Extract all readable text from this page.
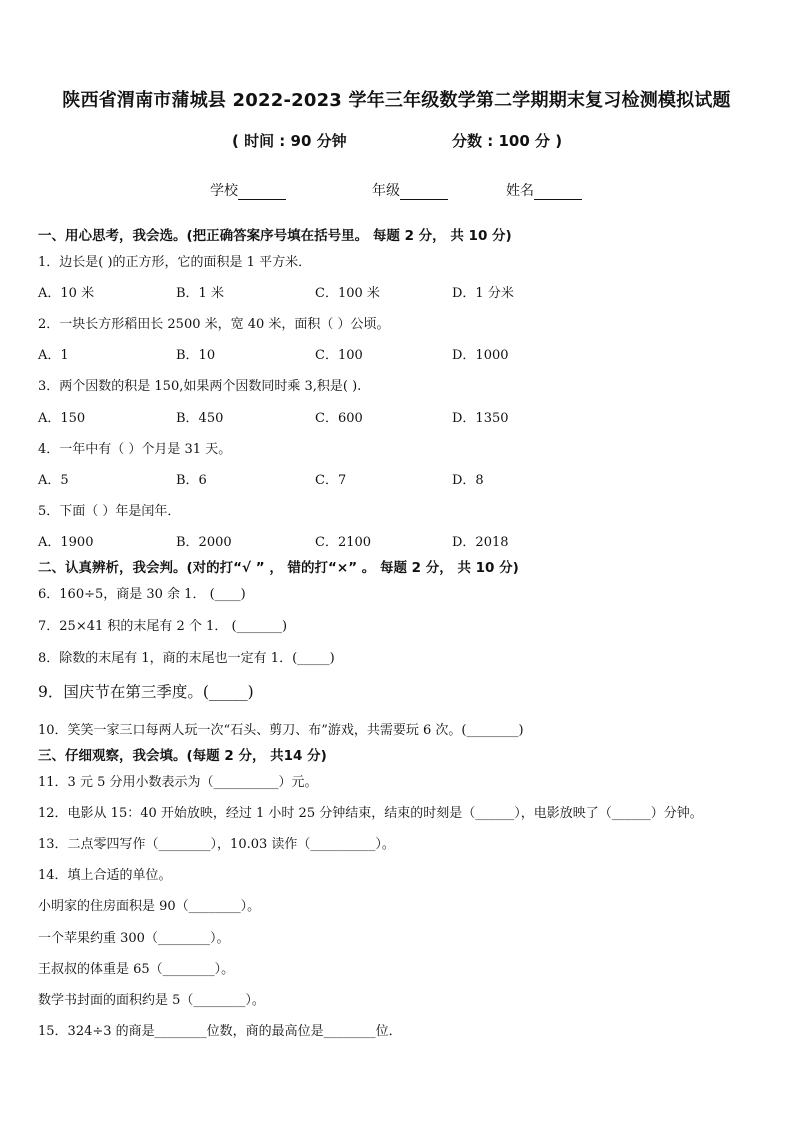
陕西省渭南市蒲城县 2022-2023 学年三年级数学第二学期期末复习检测模拟试题
( 时间 : 90 分钟	分数 : 100 分 )
学校	年级	姓名
一、用心思考，我会选。(把正确答案序号填在括号里。 每题 2 分， 共 10 分)
1．边长是( )的正方形，它的面积是 1 平方米．
A．10 米	B．1 米	C．100 米	D．1 分米
2．一块长方形稻田长 2500 米，宽 40 米，面积（ ）公顷。
A．1	B．10	C．100	D．1000
3．两个因数的积是 150,如果两个因数同时乘 3,积是( ).
A．150	B．450	C．600	D．1350
4．一年中有（ ）个月是 31 天。
A．5	B．6	C．7	D．8
5．下面（ ）年是闰年．
A．1900	B．2000	C．2100	D．2018
二、认真辨析，我会判。(对的打“√ ” ， 错的打“×” 。 每题 2 分， 共 10 分)
6．160÷5，商是 30 余 1． (____)
7．25×41 积的末尾有 2 个 1． (_______)
8．除数的末尾有 1，商的末尾也一定有 1．(_____)
9．国庆节在第三季度。(_____)
10．笑笑一家三口每两人玩一次“石头、剪刀、布”游戏，共需要玩 6 次。(________)
三、仔细观察，我会填。(每题 2 分， 共14 分)
11．3 元 5 分用小数表示为（__________）元。
12．电影从 15：40 开始放映，经过 1 小时 25 分钟结束，结束的时刻是（______），电影放映了（______）分钟。
13．二点零四写作（________），10.03 读作（__________）。
14．填上合适的单位。
小明家的住房面积是 90（________）。
一个苹果约重 300（________）。
王叔叔的体重是 65（________）。
数学书封面的面积约是 5（________）。
15．324÷3 的商是________位数，商的最高位是________位．
